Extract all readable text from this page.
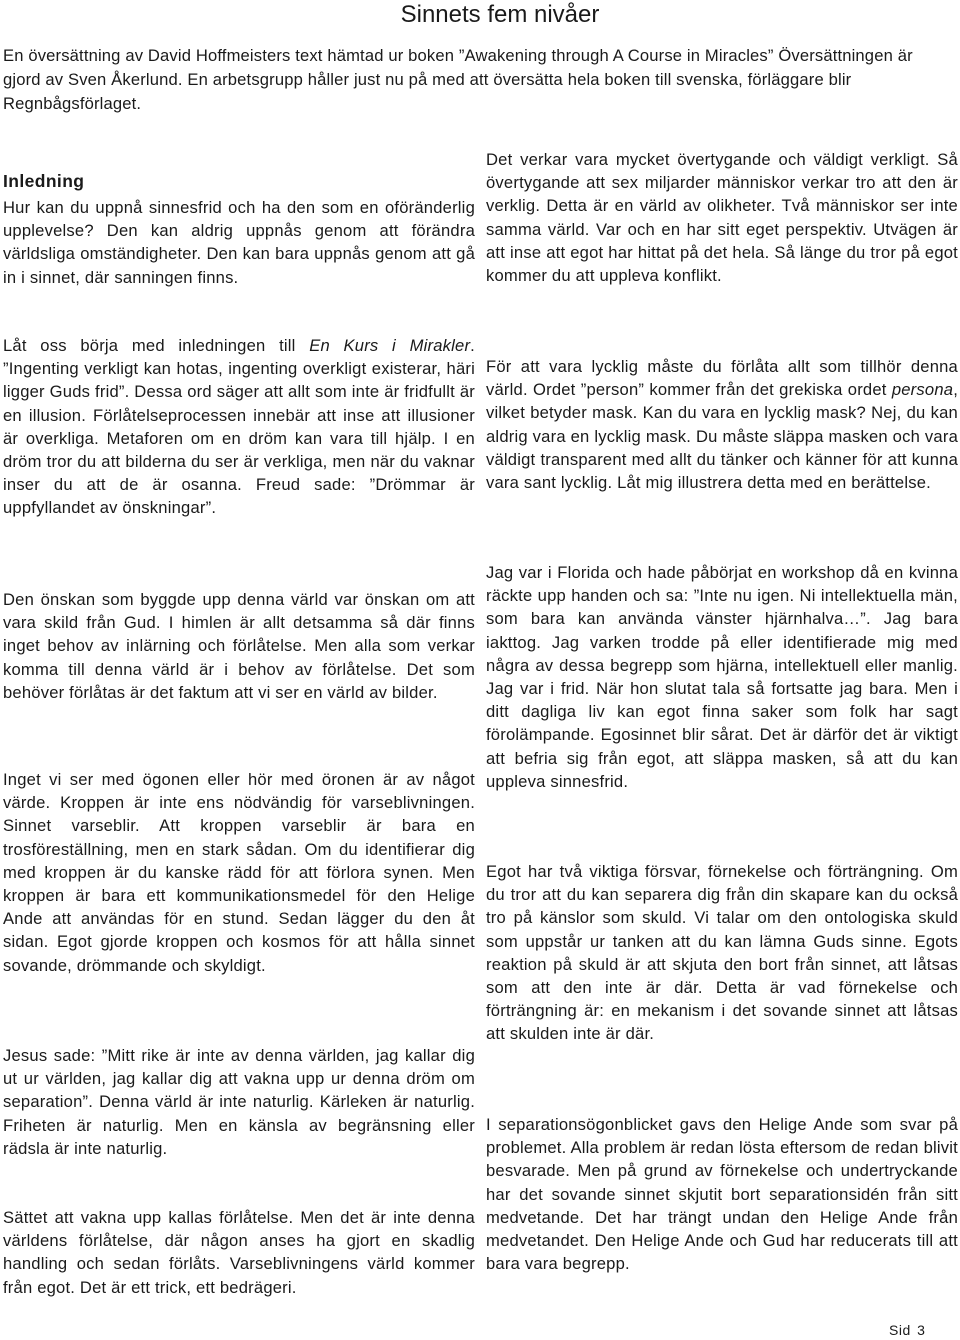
Sinnets fem nivåer
En översättning av David Hoffmeisters text hämtad ur boken ”Awakening through A Course in Miracles” Översättningen är gjord av Sven Åkerlund. En arbetsgrupp håller just nu på med att översätta hela boken till svenska, förläggare blir Regnbågsförlaget.
Inledning

Hur kan du uppnå sinnesfrid och ha den som en oföränderlig upplevelse? Den kan aldrig uppnås genom att förändra världsliga omständigheter. Den kan bara uppnås genom att gå in i sinnet, där sanningen finns.

Låt oss börja med inledningen till En Kurs i Mirakler. ”Ingenting verkligt kan hotas, ingenting overkligt existerar, häri ligger Guds frid”. Dessa ord säger att allt som inte är fridfullt är en illusion. Förlåtelseprocessen innebär att inse att illusioner är overkliga. Metaforen om en dröm kan vara till hjälp. I en dröm tror du att bilderna du ser är verkliga, men när du vaknar inser du att de är osanna. Freud sade: ”Drömmar är uppfyllandet av önskningar”.

Den önskan som byggde upp denna värld var önskan om att vara skild från Gud. I himlen är allt detsamma så där finns inget behov av inlärning och förlåtelse. Men alla som verkar komma till denna värld är i behov av förlåtelse. Det som behöver förlåtas är det faktum att vi ser en värld av bilder.

Inget vi ser med ögonen eller hör med öronen är av något värde. Kroppen är inte ens nödvändig för varseblivningen. Sinnet varseblir. Att kroppen varseblir är bara en trosföreställning, men en stark sådan. Om du identifierar dig med kroppen är du kanske rädd för att förlora synen. Men kroppen är bara ett kommunikationsmedel för den Helige Ande att användas för en stund. Sedan lägger du den åt sidan. Egot gjorde kroppen och kosmos för att hålla sinnet sovande, drömmande och skyldigt.

Jesus sade: ”Mitt rike är inte av denna världen, jag kallar dig ut ur världen, jag kallar dig att vakna upp ur denna dröm om separation”. Denna värld är inte naturlig. Kärleken är naturlig. Friheten är naturlig. Men en känsla av begränsning eller rädsla är inte naturlig.

Sättet att vakna upp kallas förlåtelse. Men det är inte denna världens förlåtelse, där någon anses ha gjort en skadlig handling och sedan förlåts. Varseblivningens värld kommer från egot. Det är ett trick, ett bedrägeri.

Det verkar vara mycket övertygande och väldigt verkligt. Så övertygande att sex miljarder människor verkar tro att den är verklig. Detta är en värld av olikheter. Två människor ser inte samma värld. Var och en har sitt eget perspektiv. Utvägen är att inse att egot har hittat på det hela. Så länge du tror på egot kommer du att uppleva konflikt.

För att vara lycklig måste du förlåta allt som tillhör denna värld. Ordet ”person” kommer från det grekiska ordet persona, vilket betyder mask. Kan du vara en lycklig mask? Nej, du kan aldrig vara en lycklig mask. Du måste släppa masken och vara väldigt transparent med allt du tänker och känner för att kunna vara sant lycklig. Låt mig illustrera detta med en berättelse.

Jag var i Florida och hade påbörjat en workshop då en kvinna räckte upp handen och sa: ”Inte nu igen. Ni intellektuella män, som bara kan använda vänster hjärnhalva…”. Jag bara iakttog. Jag varken trodde på eller identifierade mig med några av dessa begrepp som hjärna, intellektuell eller manlig. Jag var i frid. När hon slutat tala så fortsatte jag bara. Men i ditt dagliga liv kan egot finna saker som folk har sagt förolämpande. Egosinnet blir sårat. Det är därför det är viktigt att befria sig från egot, att släppa masken, så att du kan uppleva sinnesfrid.

Egot har två viktiga försvar, förnekelse och förträngning. Om du tror att du kan separera dig från din skapare kan du också tro på känslor som skuld. Vi talar om den ontologiska skuld som uppstår ur tanken att du kan lämna Guds sinne. Egots reaktion på skuld är att skjuta den bort från sinnet, att låtsas som att den inte är där. Detta är vad förnekelse och förträngning är: en mekanism i det sovande sinnet att låtsas att skulden inte är där.

I separationsögonblicket gavs den Helige Ande som svar på problemet. Alla problem är redan lösta eftersom de redan blivit besvarade. Men på grund av förnekelse och undertryckande har det sovande sinnet skjutit bort separationsidén från sitt medvetande. Det har trängt undan den Helige Ande från medvetandet. Den Helige Ande och Gud har reducerats till att bara vara begrepp.

Sid 3
